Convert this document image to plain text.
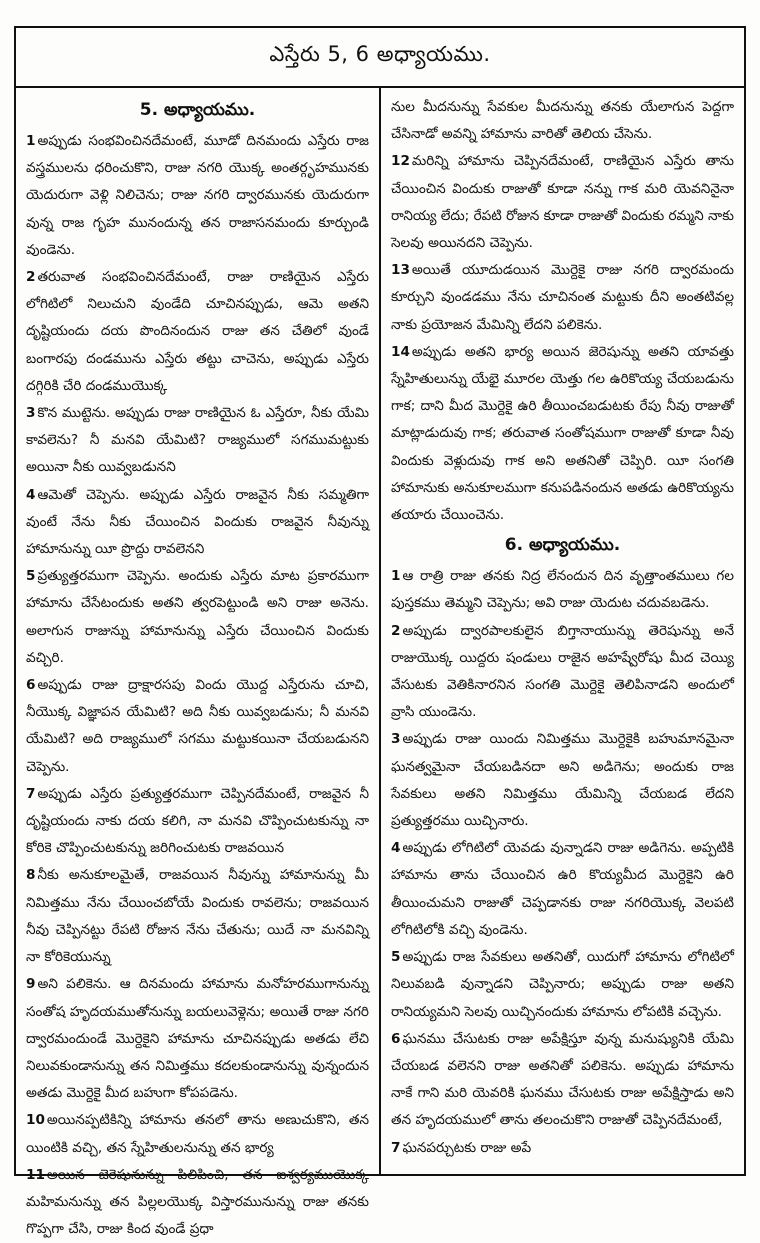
ఎస్తేరు 5, 6 అధ్యాయము.
5. అధ్యాయము.

1 అప్పుడు సంభవించినదేమంటే, మూడో దినమందు ఎస్తేరు రాజ వస్త్రములను ధరించుకొని, రాజు నగరి యొక్క అంతర్గృహమునకు యెదురుగా వెళ్లి నిలిచెను; రాజు నగరి ద్వారమునకు యెదురుగా వున్న రాజ గృహ మునందున్న తన రాజాసనమందు కూర్చుండి వుండెను.

2 తరువాత సంభవించినదేమంటే, రాజు రాణియైన ఎస్తేరు లోగిటిలో నిలుచుని వుండేది చూచినప్పుడు, ఆమె అతని దృష్టియందు దయ పొందినందున రాజు తన చేతిలో వుండే బంగారపు దండమును ఎస్తేరు తట్టు చాచెను, అప్పుడు ఎస్తేరు దగ్గిరికి చేరి దండముయొక్క

3 కొన ముట్టెను. అప్పుడు రాజు రాణియైన ఓ ఎస్తేరూ, నీకు యేమి కావలెను? నీ మనవి యేమిటి? రాజ్యములో సగముమట్టుకు అయినా నీకు యివ్వబడునని

4 ఆమెతో చెప్పెను. అప్పుడు ఎస్తేరు రాజవైన నీకు సమ్మతిగా వుంటే నేను నీకు చేయించిన విందుకు రాజవైన నీవున్ను హామానున్ను యీ ప్రొద్దు రావలెనని

5 ప్రత్యుత్తరముగా చెప్పెను. అందుకు ఎస్తేరు మాట ప్రకారముగా హామాను చేసేటందుకు అతని త్వరపెట్టుండి అని రాజు అనెను. అలాగున రాజున్ను హామానున్ను ఎస్తేరు చేయించిన విందుకు వచ్చిరి.

6 అప్పుడు రాజు ద్రాక్షారసపు విందు యొద్ద ఎస్తేరును చూచి, నీయొక్క విజ్ఞాపన యేమిటి? అది నీకు యివ్వబడును; నీ మనవి యేమిటి? అది రాజ్యములో సగము మట్టుకయినా చేయబడునని చెప్పెను.

7 అప్పుడు ఎస్తేరు ప్రత్యుత్తరముగా చెప్పినదేమంటే, రాజవైన నీ దృష్టియందు నాకు దయ కలిగి, నా మనవి చొప్పించుటకున్ను నా కోరికె చొప్పించుటకున్ను జరిగించుటకు రాజవయిన

8 నీకు అనుకూలమైతే, రాజవయిన నీవున్ను హామానున్ను మీ నిమిత్తము నేను చేయించబోయే విందుకు రావలెను; రాజవయిన నీవు చెప్పినట్టు రేపటి రోజున నేను చేతును; యిదే నా మనవిన్ని నా కోరికెయున్ను

9 అని పలికెను. ఆ దినమందు హామాను మనోహరముగానున్ను సంతోష హృదయముతోనున్ను బయలువెళ్లెను; అయితే రాజు నగరి ద్వారమందుండే మొర్దెకైని హామాను చూచినప్పుడు అతడు లేచి నిలువకుండానున్ను తన నిమిత్తము కదలకుండానున్ను వున్నందున అతడు మొర్దెకై మీద బహుగా కోపపడెను.

10 అయినప్పటికిన్ని హామాను తనలో తాను అణుచుకొని, తన యింటికి వచ్చి, తన స్నేహితులనున్ను తన భార్య

11 అయిన జెరెషునున్ను పిలిపించి, తన ఐశ్వర్యముయొక్క మహిమనున్ను తన పిల్లలయొక్క విస్తారమునున్ను రాజు తనకు గొప్పగా చేసి, రాజు కింద వుండే ప్రధా

నుల మీదనున్ను సేవకుల మీదనున్ను తనకు యేలాగున పెద్దగా చేసినాడో అవన్ని హామాను వారితో తెలియ చేసెను.

12 మరిన్ని హామాను చెప్పినదేమంటే, రాణియైన ఎస్తేరు తాను చేయించిన విందుకు రాజుతో కూడా నన్ను గాక మరి యెవనినైనా రానియ్య లేదు; రేపటి రోజున కూడా రాజుతో విందుకు రమ్మని నాకు సెలవు అయినదని చెప్పెను.

13 అయితే యూదుడయిన మొర్దెకై రాజు నగరి ద్వారమందు కూర్చుని వుండడము నేను చూచినంత మట్టుకు దీని అంతటివల్ల నాకు ప్రయోజన మేమిన్ని లేదని పలికెను.

14 అప్పుడు అతని భార్య అయిన జెరెషున్ను అతని యావత్తు స్నేహితులున్ను యేభై మూరల యెత్తు గల ఉరికొయ్య చేయబడును గాక; దాని మీద మొర్దెకై ఉరి తీయించబడుటకు రేపు నీవు రాజుతో మాట్లాడుదువు గాక; తరువాత సంతోషముగా రాజుతో కూడా నీవు విందుకు వెళ్లుదువు గాక అని అతనితో చెప్పిరి. యీ సంగతి హామానుకు అనుకూలముగా కనుపడినందున అతడు ఉరికొయ్యను తయారు చేయించెను.

6. అధ్యాయము.

1 ఆ రాత్రి రాజు తనకు నిద్ర లేనందున దిన వృత్తాంతములు గల పుస్తకము తెమ్మని చెప్పెను; అవి రాజు యెదుట చదువబడెను.

2 అప్పుడు ద్వారపాలకులైన బిగ్తానాయున్ను తెరెషున్ను అనే రాజుయొక్క యిద్దరు షండులు రాజైన అహష్వేరోషు మీద చెయ్యి వేసుటకు వెతికినారనిన సంగతి మొర్దెకై తెలిపినాడని అందులో వ్రాసి యుండెను.

3 అప్పుడు రాజు యిందు నిమిత్తము మొర్దెకైకి బహుమానమైనా ఘనత్వమైనా చేయబడినదా అని అడిగెను; అందుకు రాజ సేవకులు అతని నిమిత్తము యేమిన్ని చేయబడ లేదని ప్రత్యుత్తరము యిచ్చినారు.

4 అప్పుడు లోగిటిలో యెవడు వున్నాడని రాజు అడిగెను. అప్పటికి హామాను తాను చేయించిన ఉరి కొయ్యమీద మొర్దెకైని ఉరి తీయించుమని రాజుతో చెప్పడానకు రాజు నగరియొక్క వెలపటి లోగిటిలోకి వచ్చి వుండెను.

5 అప్పుడు రాజ సేవకులు అతనితో, యిదుగో హామాను లోగిటిలో నిలువబడి వున్నాడని చెప్పినారు; అప్పుడు రాజు అతని రానియ్యమని సెలవు యిచ్చినందుకు హామాను లోపటికి వచ్చెను.

6 ఘనము చేసుటకు రాజు అపేక్షిస్తూ వున్న మనుష్యునికి యేమి చేయబడ వలెనని రాజు అతనితో పలికెను. అప్పుడు హామాను నాకే గాని మరి యెవరికి ఘనము చేసుటకు రాజు అపేక్షిస్తాడు అని తన హృదయములో తాను తలంచుకొని రాజుతో చెప్పినదేమంటే,

7 ఘనపర్చుటకు రాజు అపే
